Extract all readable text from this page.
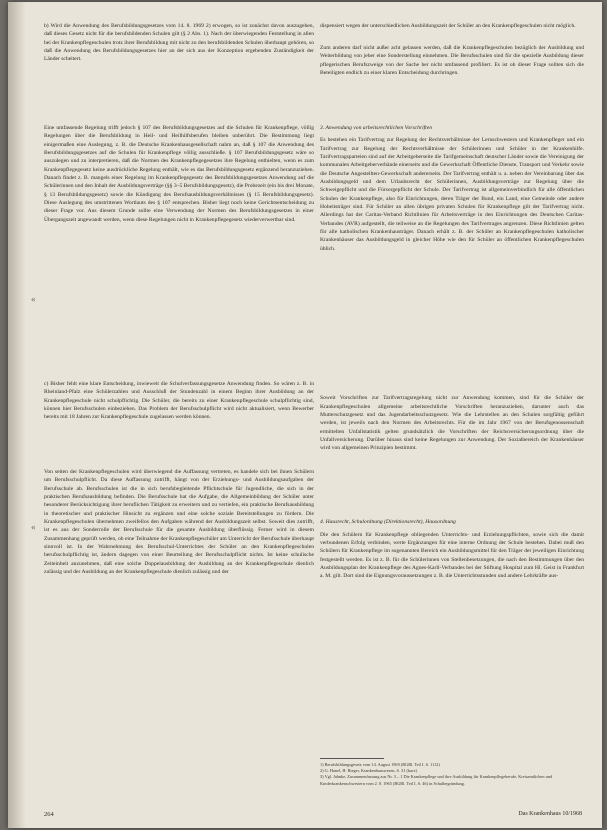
b) Wird die Anwendung des Berufsbildungsgesetzes vom 14. 8. 1969 2) erwogen, so ist zunächst davon auszugehen, daß dieses Gesetz nicht für die berufsbildenden Schulen gilt (§ 2 Abs. 1). Nach der überwiegenden Feststellung in allen bei der Krankenpflegeschulen trotz ihrer Berufsbildung mit nicht zu den berufsbildenden Schulen überhaupt gehören, so daß die Anwendung des Berufsbildungsgesetzes hier an der sich aus der Konzeption ergebenden Zuständigkeit der Länder scheitert.

Eine umfassende Regelung trifft jedoch § 107 des Berufsbildungsgesetzes auf die Schulen für Krankenpflege, völlig Regelungen über die Berufsbildung in Heil- und Heilhilfsberufen bleiben unberührt. Die Bestimmung liegt einigermaßen eine Auslegung, z. B. die Deutsche Krankenhausgesellschaft nahm an, daß § 107 die Anwendung des Berufsbildungsgesetzes auf die Schulen für Krankenpflege völlig ausschließe. § 107 Berufsbildungsgesetz wäre so auszulegen und zu interpretieren, daß die Normen des Krankenpflegegesetzes ihre Regelung enthielten, wenn es zum Krankenpflegegesetz keine ausdrückliche Regelung enthält, wie es das Berufsbildungsgesetz ergänzend heranzuziehen. Danach findet z. B. mangels einer Regelung im Krankenpflegegesetz des Berufsbildungsgesetzes Anwendung auf die Schülerinnen und den Inhalt der Ausbildungsverträge (§§ 3–5 Berufsbildungsgesetz), die Probezeit (ein bis drei Monate, § 13 Berufsbildungsgesetz) sowie die Kündigung des Berufsausbildungsverhältnisses (§ 15 Berufsbildungsgesetz). Diese Auslegung des umstrittenen Wortlauts des § 107 entsprechen. Bisher liegt noch keine Gerichtsentscheidung zu dieser Frage vor. Aus diesem Grunde sollte eine Verwendung der Normen des Berufsbildungsgesetzes in einer Übergangszeit angewandt werden, wenn diese Regelungen nicht in Krankenpflegegesetz wiederverwertbar sind.

c) Bisher fehlt eine klare Entscheidung, inwieweit die Schulverfassungsgesetze Anwendung finden. So wären z. B. in Rheinland-Pfalz eine Schülerzahlen und Ausschluß der Stundenzahl in einem Beginn ihrer Ausbildung an der Krankenpflegeschule nicht schulpflichtig. Die Schüler, die bereits zu einer Krankenpflegeschule schulpflichtig sind, können hier Berufsschulen einbeziehen. Das Problem der Berufsschulpflicht wird nicht aktualisiert, wenn Bewerber bereits mit 18 Jahren zur Krankenpflegeschule zugelassen werden können.

Von seiten der Krankenpflegeschulen wird überwiegend die Auffassung vertreten, es handele sich bei ihnen Schülern um Berufsschulpflicht. Da diese Auffassung zutrifft, hängt von der Erziehungs- und Ausbildungsaufgaben der Berufsschule ab. Berufsschulen ist die in sich berufsbegleitende Pflichtschule für Jugendliche, die sich in der praktischen Berufsausbildung befinden. Die Berufsschule hat die Aufgabe, die Allgemeinbildung der Schüler unter besonderer Berücksichtigung ihrer beruflichen Tätigkeit zu erweitern und zu vertiefen, ein praktische Berufsausbildung in theoretischer und praktischer Hinsicht zu ergänzen und eine solche soziale Bereitstellungen zu fördern. Die Krankenpflegeschulen übernehmen zweifellos den Aufgaben während der Ausbildungszeit selbst. Soweit dies zutrifft, ist es aus der Sonderrolle der Berufsschule für die gesamte Ausbildung überflüssig. Ferner wird in diesem Zusammenhang geprüft werden, ob eine Teilnahme der Krankenpflegeschüler am Unterricht der Berufsschule überhaupt sinnvoll ist. In der Wahrnehmung des Berufsschul-Unterrichtes der Schüler an den Krankenpflegeschulen berufsschulpflichtig ist, ändern dagegen von einer Beurteilung der Berufsschulpflicht nichts. Ist keine schulische Zeiteinheit anzunehmen, daß eine solche Doppelausbildung der Ausbildung an der Krankenpflegeschule dienlich zulässig und der Ausbildung an der Krankenpflegeschule dienlich zulässig und der

dispensiert wegen der unterschiedlichen Ausbildungszeit der Schüler an den Krankenpflegeschulen nicht möglich.

Zum anderen darf nicht außer acht gelassen werden, daß die Krankenpflegeschulen bezüglich der Ausbildung und Weiterbildung von jeher eine Sonderstellung einnehmen. Die Berufsschulen sind für die spezielle Ausbildung dieser pflegerischen Berufszweige von der Sache her nicht umfassend profiliert. Es ist ob dieser Frage sollten sich die Beteiligten endlich zu einer klaren Entscheidung durchringen.

3. Anwendung von arbeitsrechtlichen Vorschriften

Es bestehen ein Tarifvertrag zur Regelung der Rechtsverhältnisse der Lernschwestern und Krankenpfleger und ein Tarifvertrag zur Regelung der Rechtsverhältnisse der Schülerinnen und Schüler in der Krankenhilfe. Tarifvertragsparteien sind auf der Arbeitgeberseite die Tarifgemeinschaft deutscher Länder sowie die Vereinigung der kommunalen Arbeitgeberverbände einerseits und die Gewerkschaft Öffentliche Dienste, Transport und Verkehr sowie die Deutsche Angestellten-Gewerkschaft andererseits. Der Tarifvertrag enthält u. a. neben der Vereinbarung über das Ausbildungsgeld und dem Urlaubsrecht der Schülerinnen, Ausbildungsverträge zur Regelung über die Schweigepflicht und die Fürsorgepflicht der Schule. Der Tarifvertrag ist allgemeinverbindlich für alle öffentlichen Schulen der Krankenpflege, also für Einrichtungen, deren Träger der Bund, ein Land, eine Gemeinde oder andere Hoheitsträger sind. Für Schüler an allen übrigen privaten Schulen für Krankenpflege gilt der Tarifvertrag nicht. Allerdings hat der Caritas-Verband Richtlinien für Arbeitsverträge in den Einrichtungen des Deutschen Caritas-Verbandes (AVR) aufgestellt, die teilweise an die Regelungen des Tarifvertrages angrenzen. Diese Richtlinien gelten für alle katholischen Krankenhausträger. Danach erhält z. B. der Schüler an Krankenpflegeschulen katholischer Krankenhäuser das Ausbildungsgeld in gleicher Höhe wie den für Schüler an öffentlichen Krankenpflegeschulen üblich.

Soweit Vorschriften zur Tarifvertragsregelung nicht zur Anwendung kommen, sind für die Schüler der Krankenpflegeschulen allgemeine arbeitsrechtliche Vorschriften heranzuziehen, darunter auch das Mutterschutzgesetz und das Jugendarbeitsschutzgesetz. Wie die Lehrstellen an den Schulen sorgfältig geführt werden, ist jeweils nach den Normen des Arbeitsrechts. Für die im Jahr 1967 von der Berufsgenossenschaft ermittelten Unfallstatistik gelten grundsätzlich die Vorschriften der Reichsversicherungsordnung über die Unfallversicherung. Darüber hinaus sind keine Regelungen zur Anwendung. Der Sozialbereich der Krankenhäuser wird von allgemeinen Prinzipien bestimmt.

4. Hausrecht, Schulordnung (Direktionsrecht), Hausordnung

Die den Schülern für Krankenpflege obliegenden Unterrichts- und Erziehungspflichten, sowie sich die damit verbundenen Erfolg verbinden, werte Ergänzungen für eine interne Ordnung der Schule bestehen. Dabei muß den Schülern für Krankenpflege im sogenannten Bereich ein Ausbildungsmittel für den Träger der jeweiligen Einrichtung festgestellt werden. Es ist z. B. für die Schülerinnen von Stellenbesetzungen, die nach den Bestimmungen über den Ausbildungsplan der Krankenpflege des Agnes-Karll-Verbandes bei der Stiftung Hospital zum Hl. Geist in Frankfurt a. M. gilt. Dort sind die Eignungsvoraussetzungen z. B. die Unterrichtsstunden und andere Lehrkräfte aus-

1) Berufsbildungsgesetz vom 14. August 1969 (BGBl. Teil I, S. 1112)
2) G. Hanel, H. Rieger, Krankenhauswesen, S. 31 (kurz)
3) Vgl. Jahnke, Zusammenfassung aus Nr. 3 – 1 Die Krankenpflege und ihre Ausbildung für Krankenpflegeberufe, Kreisamtlichen und Kinderkrankenschwestern vom 2. 8. 1965 (BGBl. Teil I, S. 46) in Schulbegründung.
264	Das Krankenhaus 10/1968
«
«
